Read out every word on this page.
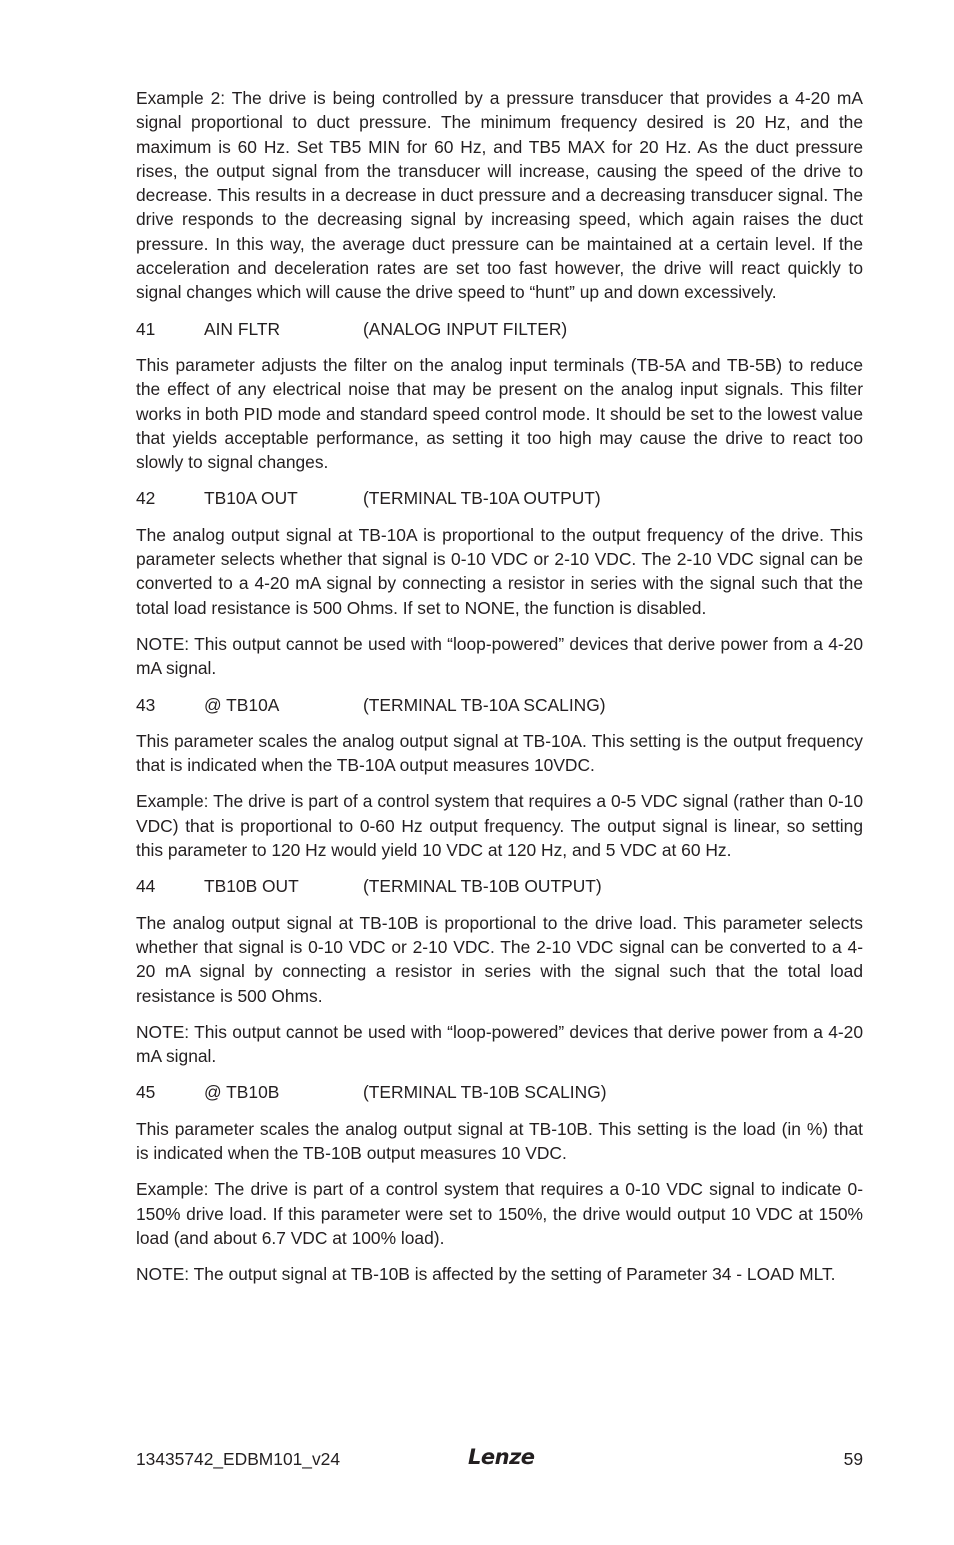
Example 2: The drive is being controlled by a pressure transducer that provides a 4-20 mA signal proportional to duct pressure. The minimum frequency desired is 20 Hz, and the maximum is 60 Hz. Set TB5 MIN for 60 Hz, and TB5 MAX for 20 Hz. As the duct pressure rises, the output signal from the transducer will increase, causing the speed of the drive to decrease. This results in a decrease in duct pressure and a decreasing transducer signal. The drive responds to the decreasing signal by increasing speed, which again raises the duct pressure. In this way, the average duct pressure can be maintained at a certain level. If the acceleration and deceleration rates are set too fast however, the drive will react quickly to signal changes which will cause the drive speed to “hunt” up and down excessively.

41	AIN FLTR	(ANALOG INPUT FILTER)

This parameter adjusts the filter on the analog input terminals (TB-5A and TB-5B) to reduce the effect of any electrical noise that may be present on the analog input signals. This filter works in both PID mode and standard speed control mode. It should be set to the lowest value that yields acceptable performance, as setting it too high may cause the drive to react too slowly to signal changes.

42	TB10A OUT	(TERMINAL TB-10A OUTPUT)

The analog output signal at TB-10A is proportional to the output frequency of the drive. This parameter selects whether that signal is 0-10 VDC or 2-10 VDC. The 2-10 VDC signal can be converted to a 4-20 mA signal by connecting a resistor in series with the signal such that the total load resistance is 500 Ohms. If set to NONE, the function is disabled.

NOTE: This output cannot be used with “loop-powered” devices that derive power from a 4-20 mA signal.

43	@ TB10A	(TERMINAL TB-10A SCALING)

This parameter scales the analog output signal at TB-10A. This setting is the output frequency that is indicated when the TB-10A output measures 10VDC.

Example: The drive is part of a control system that requires a 0-5 VDC signal (rather than 0-10 VDC) that is proportional to 0-60 Hz output frequency. The output signal is linear, so setting this parameter to 120 Hz would yield 10 VDC at 120 Hz, and 5 VDC at 60 Hz.

44	TB10B OUT	(TERMINAL TB-10B OUTPUT)

The analog output signal at TB-10B is proportional to the drive load. This parameter selects whether that signal is 0-10 VDC or 2-10 VDC. The 2-10 VDC signal can be converted to a 4-20 mA signal by connecting a resistor in series with the signal such that the total load resistance is 500 Ohms.

NOTE: This output cannot be used with “loop-powered” devices that derive power from a 4-20 mA signal.

45	@ TB10B	(TERMINAL TB-10B SCALING)

This parameter scales the analog output signal at TB-10B. This setting is the load (in %) that is indicated when the TB-10B output measures 10 VDC.

Example: The drive is part of a control system that requires a 0-10 VDC signal to indicate 0-150% drive load. If this parameter were set to 150%, the drive would output 10 VDC at 150% load (and about 6.7 VDC at 100% load).

NOTE: The output signal at TB-10B is affected by the setting of Parameter 34 - LOAD MLT.

13435742_EDBM101_v24	Lenze	59
